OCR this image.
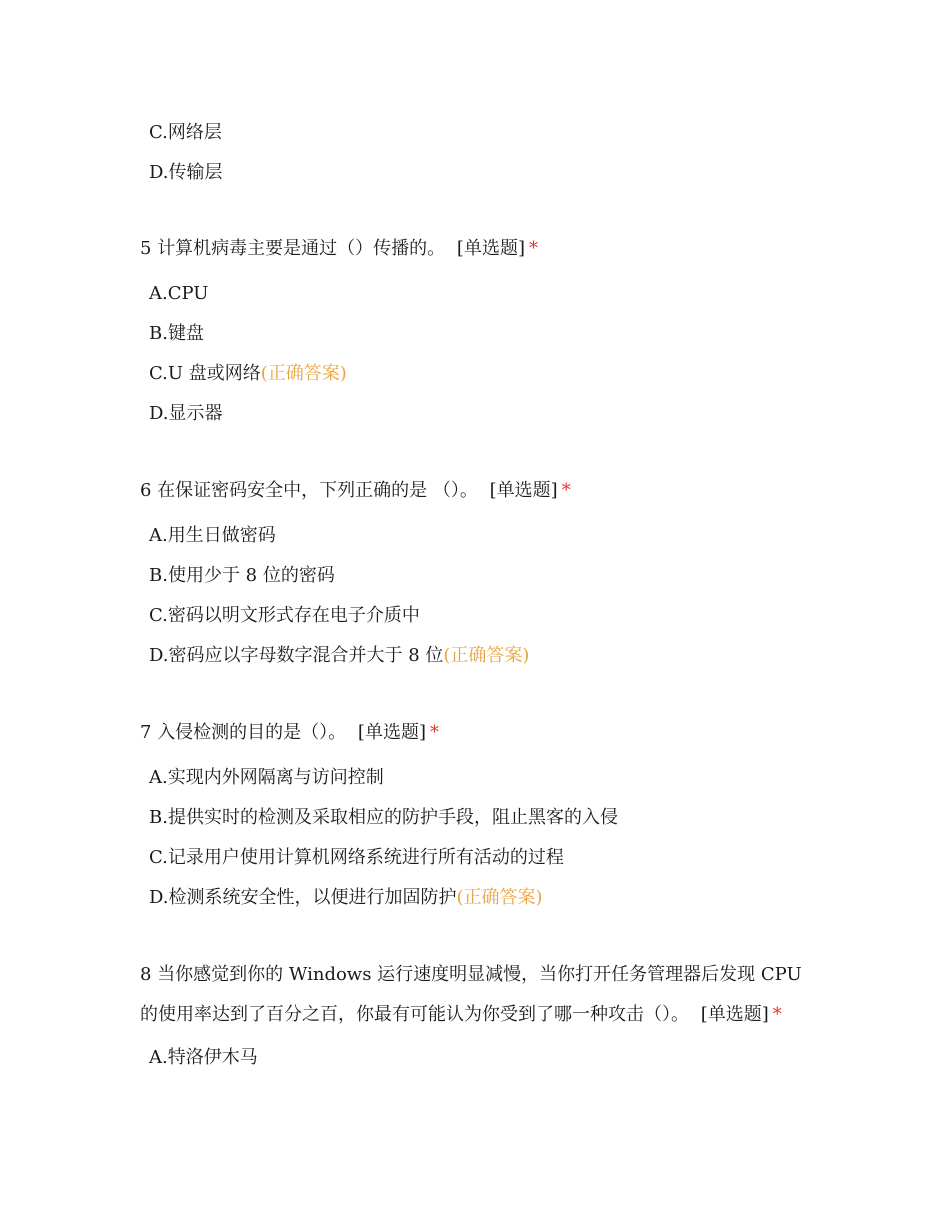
C.网络层
D.传输层
5 计算机病毒主要是通过（）传播的。 [单选题] *
A.CPU
B.键盘
C.U 盘或网络(正确答案)
D.显示器
6 在保证密码安全中，下列正确的是 （）。 [单选题] *
A.用生日做密码
B.使用少于 8 位的密码
C.密码以明文形式存在电子介质中
D.密码应以字母数字混合并大于 8 位(正确答案)
7 入侵检测的目的是（）。 [单选题] *
A.实现内外网隔离与访问控制
B.提供实时的检测及采取相应的防护手段，阻止黑客的入侵
C.记录用户使用计算机网络系统进行所有活动的过程
D.检测系统安全性，以便进行加固防护(正确答案)
8 当你感觉到你的 Windows 运行速度明显减慢，当你打开任务管理器后发现 CPU 的使用率达到了百分之百，你最有可能认为你受到了哪一种攻击（）。 [单选题] *
A.特洛伊木马
